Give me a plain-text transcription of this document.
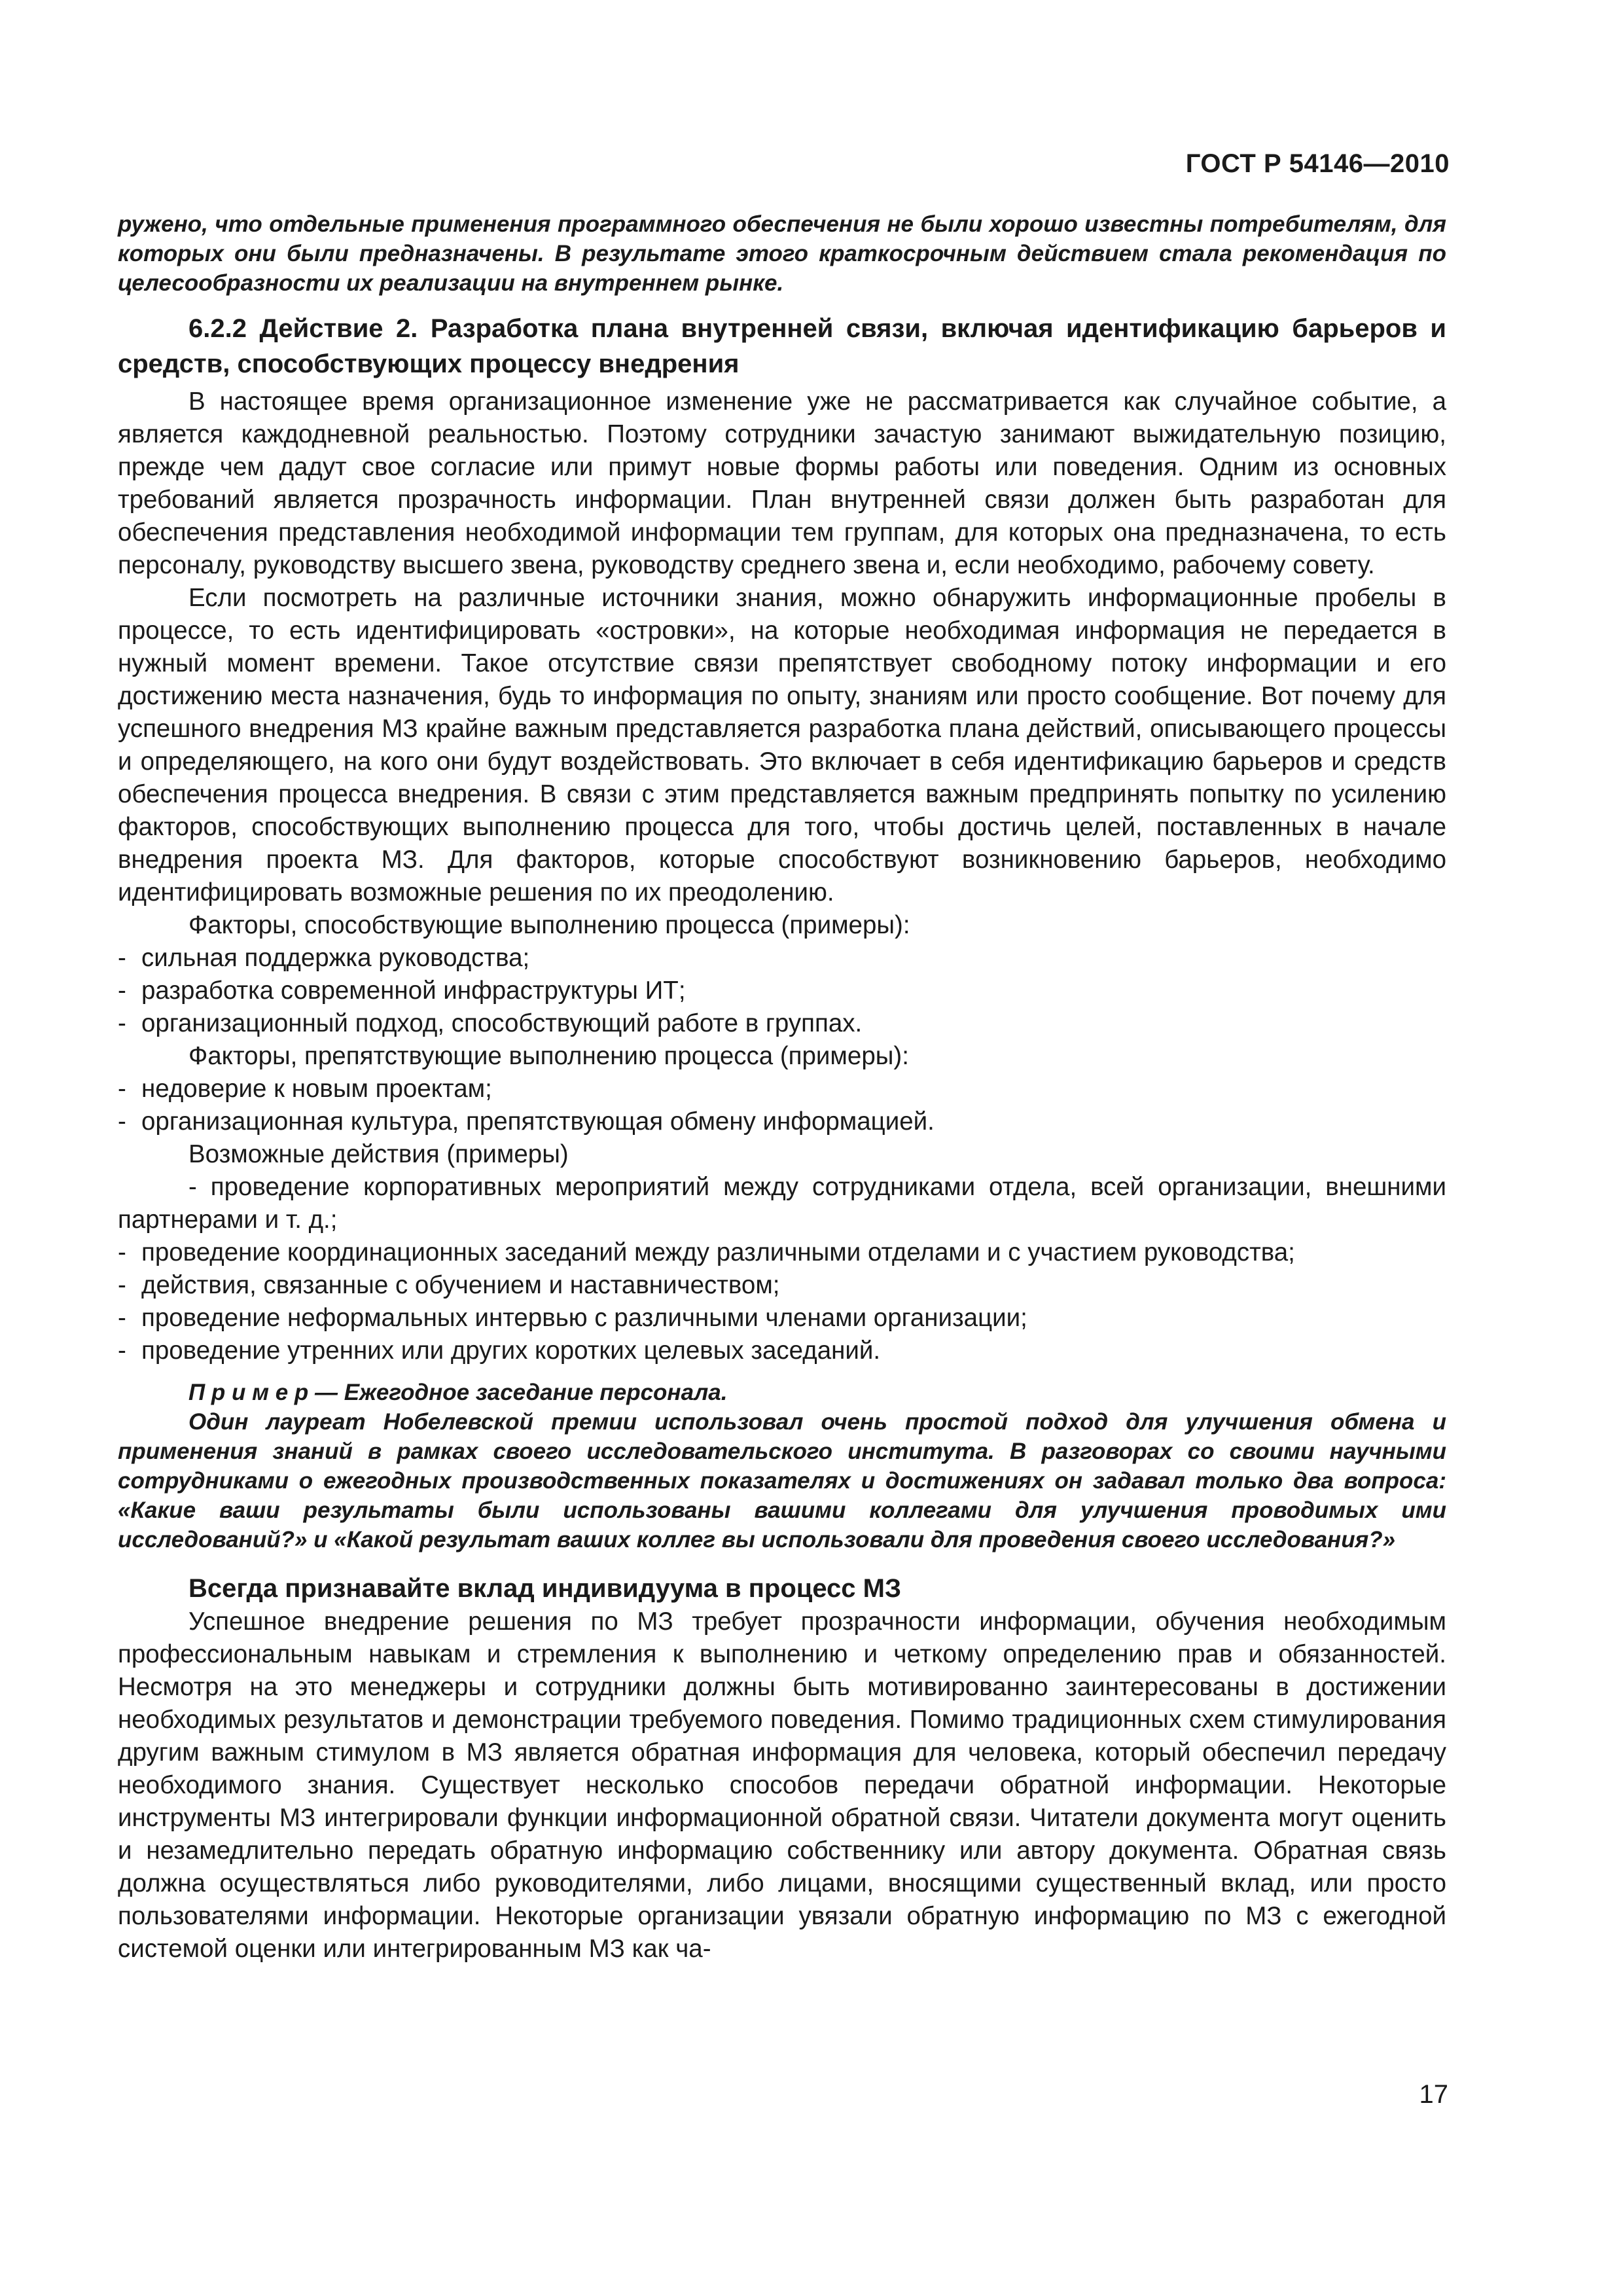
ГОСТ Р 54146—2010

ружено, что отдельные применения программного обеспечения не были хорошо известны потребителям, для которых они были предназначены. В результате этого краткосрочным действием стала рекомендация по целесообразности их реализации на внутреннем рынке.

6.2.2 Действие 2. Разработка плана внутренней связи, включая идентификацию барьеров и средств, способствующих процессу внедрения

В настоящее время организационное изменение уже не рассматривается как случайное событие, а является каждодневной реальностью. Поэтому сотрудники зачастую занимают выжидательную позицию, прежде чем дадут свое согласие или примут новые формы работы или поведения. Одним из основных требований является прозрачность информации. План внутренней связи должен быть разработан для обеспечения представления необходимой информации тем группам, для которых она предназначена, то есть персоналу, руководству высшего звена, руководству среднего звена и, если необходимо, рабочему совету.

Если посмотреть на различные источники знания, можно обнаружить информационные пробелы в процессе, то есть идентифицировать «островки», на которые необходимая информация не передается в нужный момент времени. Такое отсутствие связи препятствует свободному потоку информации и его достижению места назначения, будь то информация по опыту, знаниям или просто сообщение. Вот почему для успешного внедрения МЗ крайне важным представляется разработка плана действий, описывающего процессы и определяющего, на кого они будут воздействовать. Это включает в себя идентификацию барьеров и средств обеспечения процесса внедрения. В связи с этим представляется важным предпринять попытку по усилению факторов, способствующих выполнению процесса для того, чтобы достичь целей, поставленных в начале внедрения проекта МЗ. Для факторов, которые способствуют возникновению барьеров, необходимо идентифицировать возможные решения по их преодолению.

Факторы, способствующие выполнению процесса (примеры):

- сильная поддержка руководства;
- разработка современной инфраструктуры ИТ;
- организационный подход, способствующий работе в группах.

Факторы, препятствующие выполнению процесса (примеры):

- недоверие к новым проектам;
- организационная культура, препятствующая обмену информацией.

Возможные действия (примеры)

- проведение корпоративных мероприятий между сотрудниками отдела, всей организации, внешними партнерами и т. д.;

- проведение координационных заседаний между различными отделами и с участием руководства;
- действия, связанные с обучением и наставничеством;
- проведение неформальных интервью с различными членами организации;
- проведение утренних или других коротких целевых заседаний.

П р и м е р — Ежегодное заседание персонала.

Один лауреат Нобелевской премии использовал очень простой подход для улучшения обмена и применения знаний в рамках своего исследовательского института. В разговорах со своими научными сотрудниками о ежегодных производственных показателях и достижениях он задавал только два вопроса: «Какие ваши результаты были использованы вашими коллегами для улучшения проводимых ими исследований?» и «Какой результат ваших коллег вы использовали для проведения своего исследования?»

Всегда признавайте вклад индивидуума в процесс МЗ

Успешное внедрение решения по МЗ требует прозрачности информации, обучения необходимым профессиональным навыкам и стремления к выполнению и четкому определению прав и обязанностей. Несмотря на это менеджеры и сотрудники должны быть мотивированно заинтересованы в достижении необходимых результатов и демонстрации требуемого поведения. Помимо традиционных схем стимулирования другим важным стимулом в МЗ является обратная информация для человека, который обеспечил передачу необходимого знания. Существует несколько способов передачи обратной информации. Некоторые инструменты МЗ интегрировали функции информационной обратной связи. Читатели документа могут оценить и незамедлительно передать обратную информацию собственнику или автору документа. Обратная связь должна осуществляться либо руководителями, либо лицами, вносящими существенный вклад, или просто пользователями информации. Некоторые организации увязали обратную информацию по МЗ с ежегодной системой оценки или интегрированным МЗ как ча-

17
